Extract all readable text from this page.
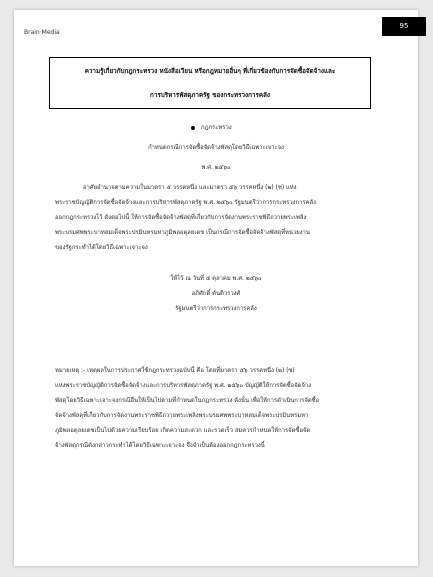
Brain Media
95
ความรู้เกี่ยวกับกฎกระทรวง หนังสือเวียน หรือกฎหมายอื่นๆ ที่เกี่ยวข้องกับการจัดซื้อจัดจ้างและ
การบริหารพัสดุภาครัฐ ของกระทรวงการคลัง
กฎกระทรวง
กำหนดกรณีการจัดซื้อจัดจ้างพัสดุโดยวิธีเฉพาะเจาะจง
พ.ศ. ๒๕๖๐
อาศัยอำนาจตามความในมาตรา ๕ วรรคหนึ่ง และมาตรา ๕๖ วรรคหนึ่ง (๒) (ซ) แห่ง
พระราชบัญญัติการจัดซื้อจัดจ้างและการบริหารพัสดุภาครัฐ พ.ศ. ๒๕๖๐ รัฐมนตรีว่าการกระทรวงการคลัง
ออกกฎกระทรวงไว้ ดังต่อไปนี้ ให้การจัดซื้อจัดจ้างพัสดุที่เกี่ยวกับการจัดงานพระราชพิธีถวายพระเพลิง
พระบรมศพพระบาทสมเด็จพระปรมินทรมหาภูมิพลอดุลยเดช เป็นกรณีการจัดซื้อจัดจ้างพัสดุที่หน่วยงาน
ของรัฐกระทำได้โดยวิธีเฉพาะเจาะจง
ให้ไว้ ณ วันที่ ๕ ตุลาคม พ.ศ. ๒๕๖๐
อภิศักดิ์ ตันติวรวงศ์
รัฐมนตรีว่าการกระทรวงการคลัง
หมายเหตุ :- เหตุผลในการประกาศใช้กฎกระทรวงฉบับนี้ คือ โดยที่มาตรา ๕๖ วรรคหนึ่ง (๒) (ซ)
แห่งพระราชบัญญัติการจัดซื้อจัดจ้างและการบริหารพัสดุภาครัฐ พ.ศ. ๒๕๖๐ บัญญัติให้การจัดซื้อจัดจ้าง
พัสดุโดยวิธีเฉพาะเจาะจงกรณีอื่นให้เป็นไปตามที่กำหนดในกฎกระทรวง ดังนั้น เพื่อให้การดำเนินการจัดซื้อ
จัดจ้างพัสดุที่เกี่ยวกับการจัดงานพระราชพิธีถวายพระเพลิงพระบรมศพพระบาทสมเด็จพระปรมินทรมหา
ภูมิพลอดุลยเดชเป็นไปด้วยความเรียบร้อย เกิดความสะดวก และรวดเร็ว สมควรกำหนดให้การจัดซื้อจัด
จ้างพัสดุกรณีดังกล่าวกระทำได้โดยวิธีเฉพาะเจาะจง จึงจำเป็นต้องออกกฎกระทรวงนี้
